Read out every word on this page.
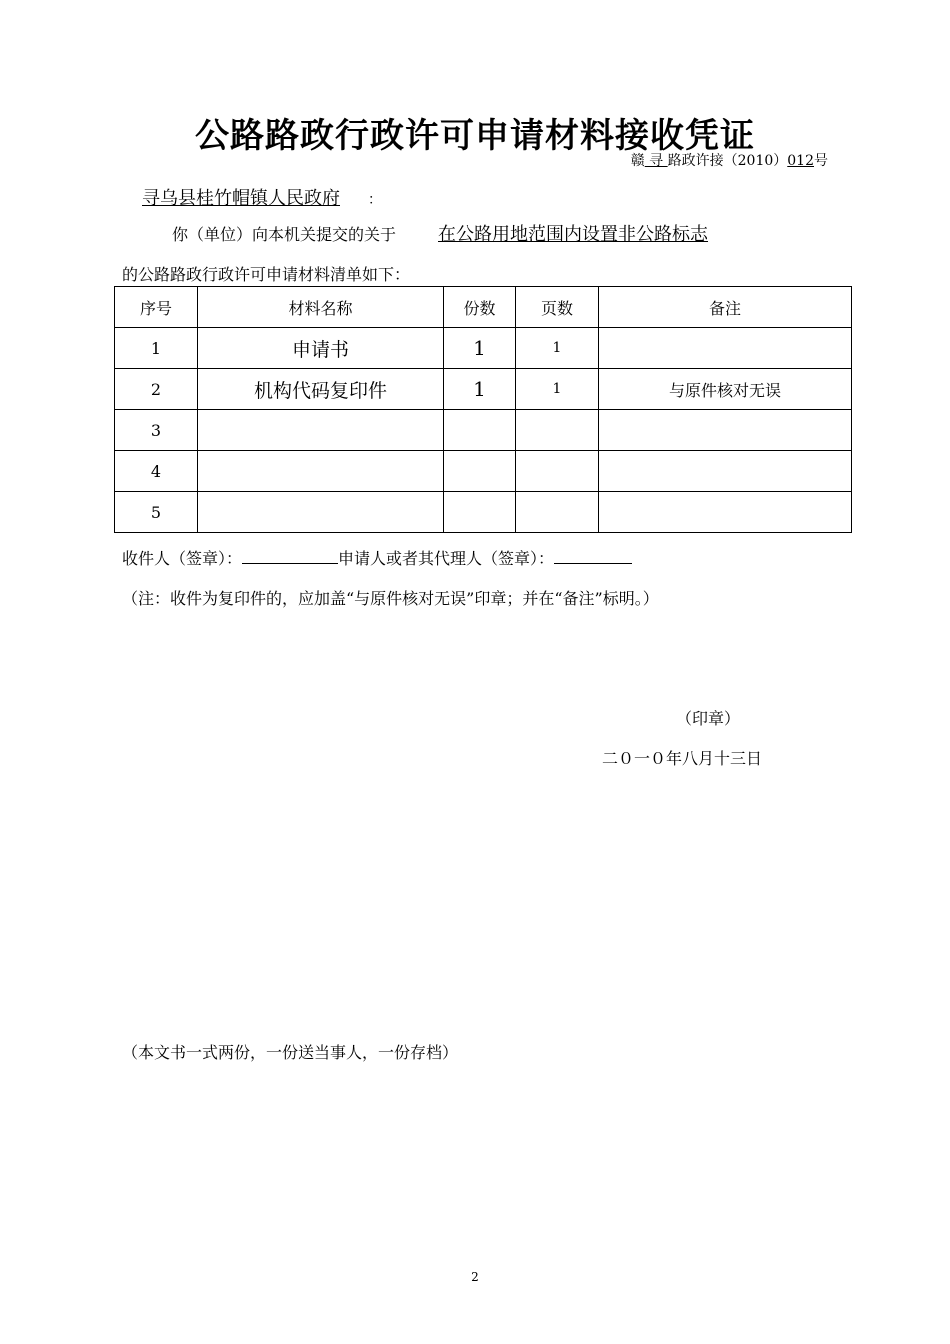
公路路政行政许可申请材料接收凭证
赣 寻 路政许接（2010）012号
寻乌县桂竹帽镇人民政府 ：
你（单位）向本机关提交的关于 在公路用地范围内设置非公路标志
的公路路政行政许可申请材料清单如下：
序号	材料名称	份数	页数	备注
1	申请书	1	1	
2	机构代码复印件	1	1	与原件核对无误
3				
4				
5				
收件人（签章）：	申请人或者其代理人（签章）：
（注：收件为复印件的，应加盖“与原件核对无误”印章；并在“备注”标明。）
（印章）
二０一０年八月十三日
（本文书一式两份，一份送当事人，一份存档）
2
